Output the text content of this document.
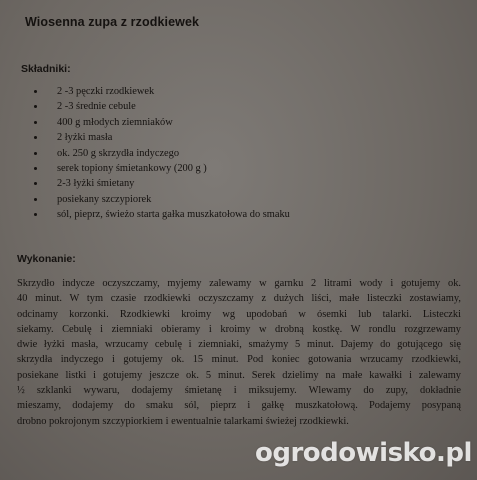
Wiosenna zupa z rzodkiewek
Składniki:
2 -3 pęczki rzodkiewek
2 -3 średnie cebule
400 g młodych ziemniaków
2 łyżki masła
ok. 250 g skrzydła indyczego
serek topiony śmietankowy (200 g )
2-3 łyżki śmietany
posiekany szczypiorek
sól, pieprz, świeżo starta gałka muszkatołowa do smaku
Wykonanie:
Skrzydło indycze oczyszczamy, myjemy zalewamy w garnku 2 litrami wody i gotujemy ok.
40 minut. W tym czasie rzodkiewki oczyszczamy z dużych liści, małe listeczki zostawiamy,
odcinamy korzonki. Rzodkiewki kroimy wg upodobań w ósemki lub talarki. Listeczki
siekamy. Cebulę i ziemniaki obieramy i kroimy w drobną kostkę. W rondlu rozgrzewamy
dwie łyżki masła, wrzucamy cebulę i ziemniaki, smażymy 5 minut. Dajemy do gotującego się
skrzydła indyczego i gotujemy ok. 15 minut. Pod koniec gotowania wrzucamy rzodkiewki,
posiekane listki i gotujemy jeszcze ok. 5 minut. Serek dzielimy na małe kawałki i zalewamy
½ szklanki wywaru, dodajemy śmietanę i miksujemy. Wlewamy do zupy, dokładnie
mieszamy, dodajemy do smaku sól, pieprz i gałkę muszkatołową. Podajemy posypaną
drobno pokrojonym szczypiorkiem i ewentualnie talarkami świeżej rzodkiewki.
ogrodowisko.pl
